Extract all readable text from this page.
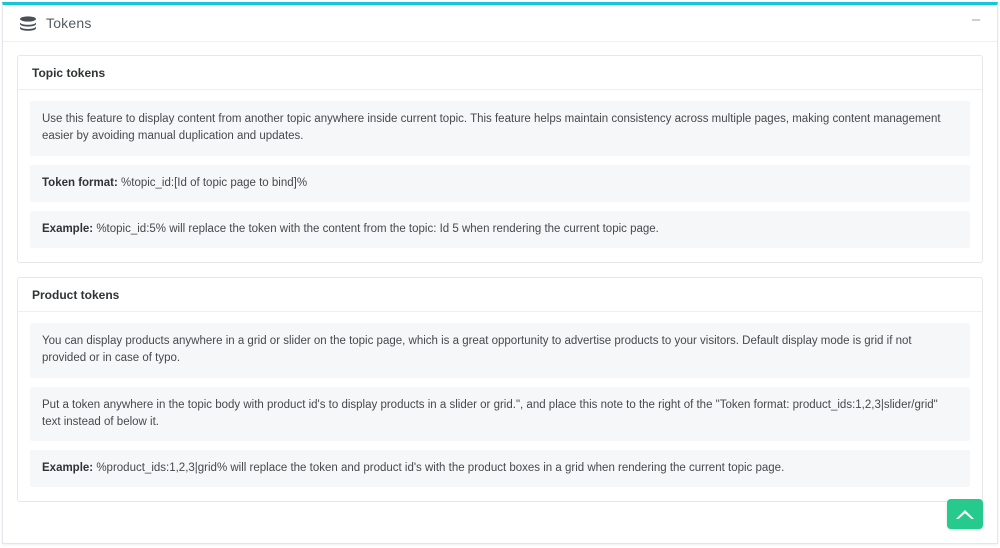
Tokens	–
Topic tokens
Use this feature to display content from another topic anywhere inside current topic. This feature helps maintain consistency across multiple pages, making content management easier by avoiding manual duplication and updates.
Token format: %topic_id:[Id of topic page to bind]%
Example: %topic_id:5% will replace the token with the content from the topic: Id 5 when rendering the current topic page.
Product tokens
You can display products anywhere in a grid or slider on the topic page, which is a great opportunity to advertise products to your visitors. Default display mode is grid if not provided or in case of typo.
Put a token anywhere in the topic body with product id's to display products in a slider or grid.", and place this note to the right of the "Token format: product_ids:1,2,3|slider/grid" text instead of below it.
Example: %product_ids:1,2,3|grid% will replace the token and product id's with the product boxes in a grid when rendering the current topic page.
